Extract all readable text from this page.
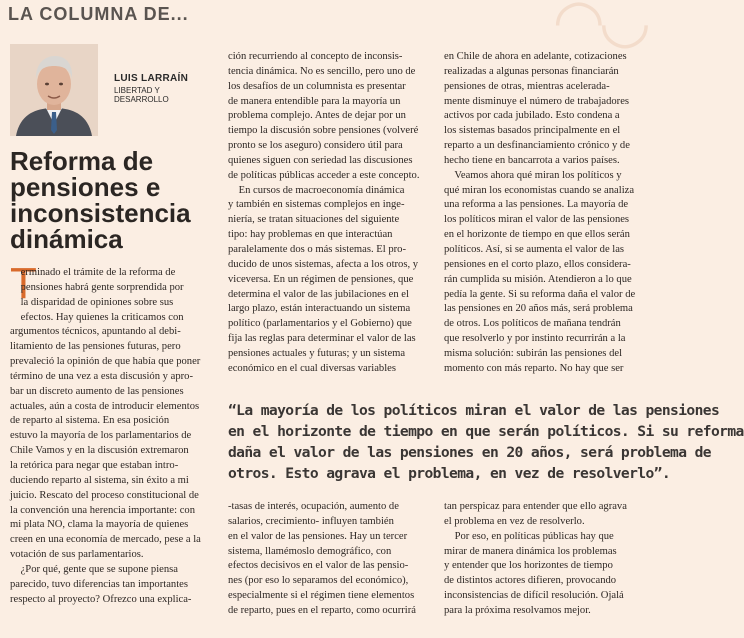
◠◡
LA COLUMNA DE...
LUIS LARRAÍN
LIBERTAD Y
DESARROLLO
Reforma de
pensiones e
inconsistencia
dinámica
T
erminado el trámite de la reforma de
pensiones habrá gente sorprendida por
la disparidad de opiniones sobre sus
efectos. Hay quienes la criticamos con
argumentos técnicos, apuntando al debi-
litamiento de las pensiones futuras, pero
prevaleció la opinión de que había que poner
término de una vez a esta discusión y apro-
bar un discreto aumento de las pensiones
actuales, aún a costa de introducir elementos
de reparto al sistema. En esa posición
estuvo la mayoría de los parlamentarios de
Chile Vamos y en la discusión extremaron
la retórica para negar que estaban intro-
duciendo reparto al sistema, sin éxito a mi
juicio. Rescato del proceso constitucional de
la convención una herencia importante: con
mi plata NO, clama la mayoría de quienes
creen en una economía de mercado, pese a la
votación de sus parlamentarios.
¿Por qué, gente que se supone piensa
parecido, tuvo diferencias tan importantes
respecto al proyecto? Ofrezco una explica-
ción recurriendo al concepto de inconsis-
tencia dinámica. No es sencillo, pero uno de
los desafíos de un columnista es presentar
de manera entendible para la mayoría un
problema complejo. Antes de dejar por un
tiempo la discusión sobre pensiones (volveré
pronto se los aseguro) considero útil para
quienes siguen con seriedad las discusiones
de políticas públicas acceder a este concepto.
En cursos de macroeconomía dinámica
y también en sistemas complejos en inge-
niería, se tratan situaciones del siguiente
tipo: hay problemas en que interactúan
paralelamente dos o más sistemas. El pro-
ducido de unos sistemas, afecta a los otros, y
viceversa. En un régimen de pensiones, que
determina el valor de las jubilaciones en el
largo plazo, están interactuando un sistema
político (parlamentarios y el Gobierno) que
fija las reglas para determinar el valor de las
pensiones actuales y futuras; y un sistema
económico en el cual diversas variables
en Chile de ahora en adelante, cotizaciones
realizadas a algunas personas financiarán
pensiones de otras, mientras acelerada-
mente disminuye el número de trabajadores
activos por cada jubilado. Esto condena a
los sistemas basados principalmente en el
reparto a un desfinanciamiento crónico y de
hecho tiene en bancarrota a varios países.
Veamos ahora qué miran los políticos y
qué miran los economistas cuando se analiza
una reforma a las pensiones. La mayoría de
los políticos miran el valor de las pensiones
en el horizonte de tiempo en que ellos serán
políticos. Así, si se aumenta el valor de las
pensiones en el corto plazo, ellos considera-
rán cumplida su misión. Atendieron a lo que
pedía la gente. Si su reforma daña el valor de
las pensiones en 20 años más, será problema
de otros. Los políticos de mañana tendrán
que resolverlo y por instinto recurrirán a la
misma solución: subirán las pensiones del
momento con más reparto. No hay que ser
“La mayoría de los políticos miran el valor de las pensiones
en el horizonte de tiempo en que serán políticos. Si su reforma
daña el valor de las pensiones en 20 años, será problema de
otros. Esto agrava el problema, en vez de resolverlo”.
-tasas de interés, ocupación, aumento de
salarios, crecimiento- influyen también
en el valor de las pensiones. Hay un tercer
sistema, llamémoslo demográfico, con
efectos decisivos en el valor de las pensio-
nes (por eso lo separamos del económico),
especialmente si el régimen tiene elementos
de reparto, pues en el reparto, como ocurrirá
tan perspicaz para entender que ello agrava
el problema en vez de resolverlo.
Por eso, en políticas públicas hay que
mirar de manera dinámica los problemas
y entender que los horizontes de tiempo
de distintos actores difieren, provocando
inconsistencias de difícil resolución. Ojalá
para la próxima resolvamos mejor.
